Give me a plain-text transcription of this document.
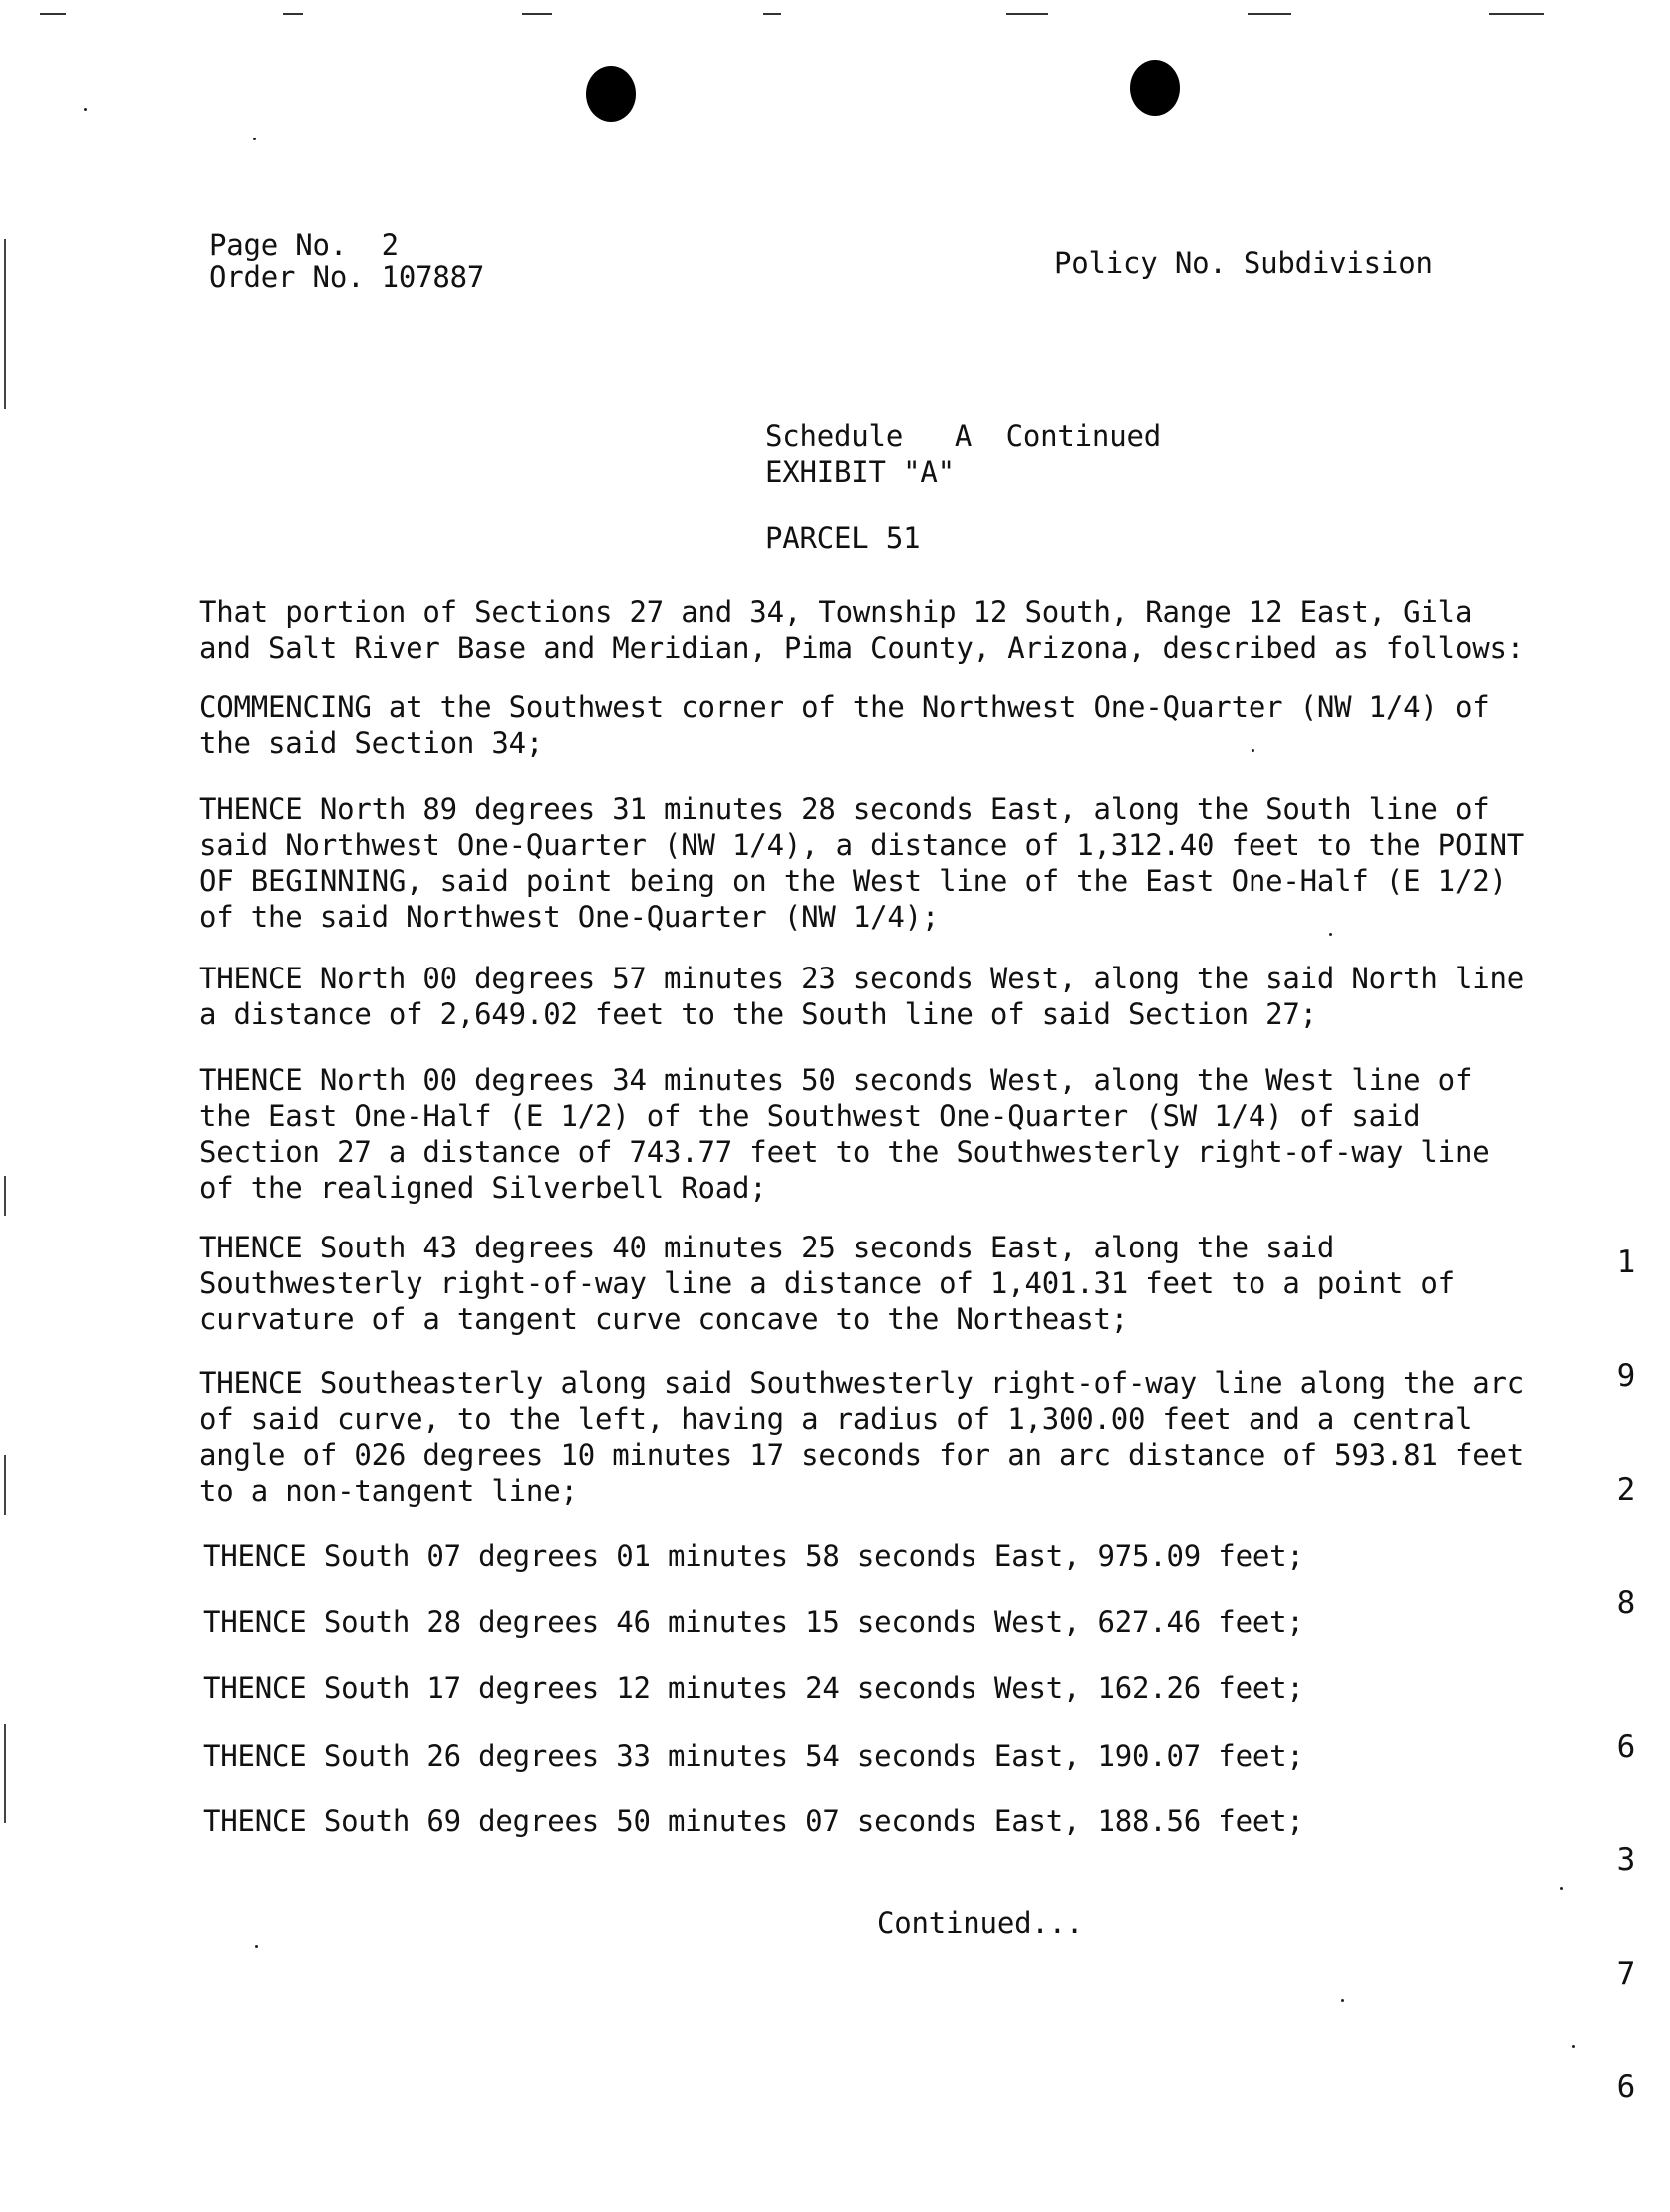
Page No. 2
Order No. 107887	Policy No. Subdivision
Schedule   A  Continued
EXHIBIT "A"
PARCEL 51
That portion of Sections 27 and 34, Township 12 South, Range 12 East, Gila
and Salt River Base and Meridian, Pima County, Arizona, described as follows:
COMMENCING at the Southwest corner of the Northwest One-Quarter (NW 1/4) of
the said Section 34;
THENCE North 89 degrees 31 minutes 28 seconds East, along the South line of
said Northwest One-Quarter (NW 1/4), a distance of 1,312.40 feet to the POINT
OF BEGINNING, said point being on the West line of the East One-Half (E 1/2)
of the said Northwest One-Quarter (NW 1/4);
THENCE North 00 degrees 57 minutes 23 seconds West, along the said North line
a distance of 2,649.02 feet to the South line of said Section 27;
THENCE North 00 degrees 34 minutes 50 seconds West, along the West line of
the East One-Half (E 1/2) of the Southwest One-Quarter (SW 1/4) of said
Section 27 a distance of 743.77 feet to the Southwesterly right-of-way line
of the realigned Silverbell Road;
THENCE South 43 degrees 40 minutes 25 seconds East, along the said
Southwesterly right-of-way line a distance of 1,401.31 feet to a point of
curvature of a tangent curve concave to the Northeast;
THENCE Southeasterly along said Southwesterly right-of-way line along the arc
of said curve, to the left, having a radius of 1,300.00 feet and a central
angle of 026 degrees 10 minutes 17 seconds for an arc distance of 593.81 feet
to a non-tangent line;
THENCE South 07 degrees 01 minutes 58 seconds East, 975.09 feet;
THENCE South 28 degrees 46 minutes 15 seconds West, 627.46 feet;
THENCE South 17 degrees 12 minutes 24 seconds West, 162.26 feet;
THENCE South 26 degrees 33 minutes 54 seconds East, 190.07 feet;
THENCE South 69 degrees 50 minutes 07 seconds East, 188.56 feet;
Continued...

1

9

2

8

6

3

7

6
